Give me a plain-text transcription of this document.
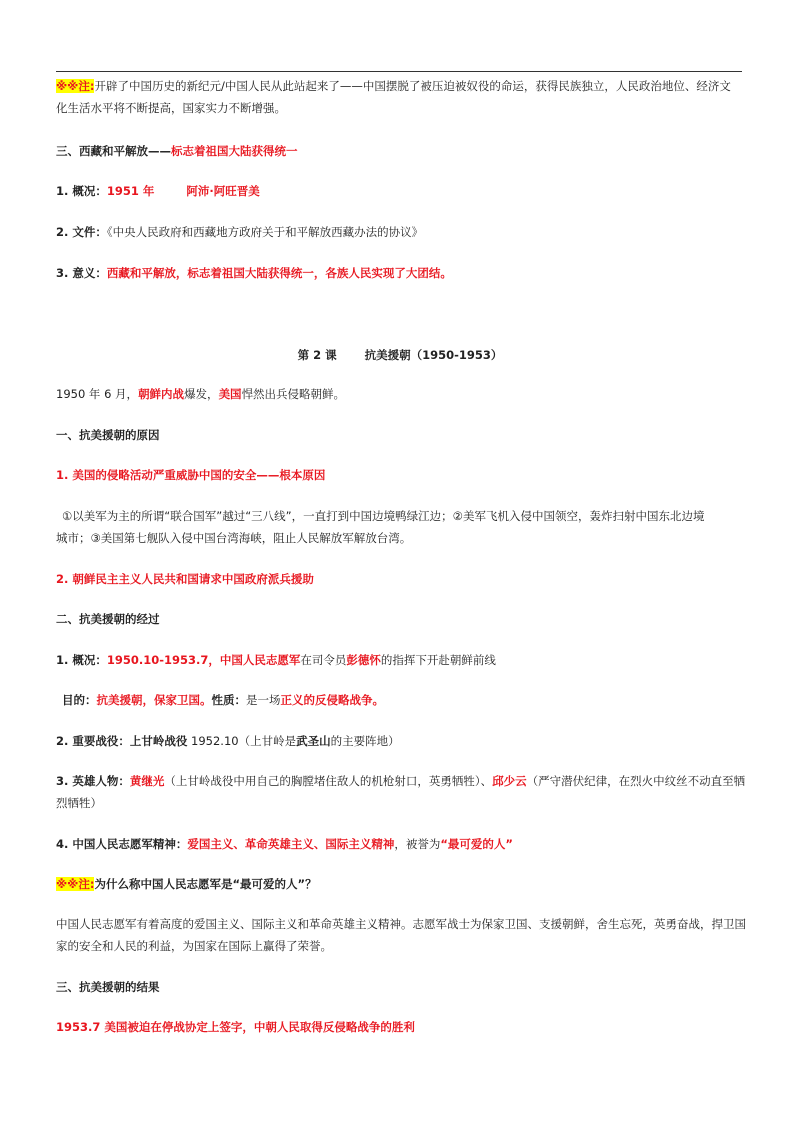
※※注:开辟了中国历史的新纪元/中国人民从此站起来了——中国摆脱了被压迫被奴役的命运，获得民族独立，人民政治地位、经济文
化生活水平将不断提高，国家实力不断增强。
三、西藏和平解放——标志着祖国大陆获得统一
1. 概况：1951 年	阿沛·阿旺晋美
2. 文件：《中央人民政府和西藏地方政府关于和平解放西藏办法的协议》
3. 意义：西藏和平解放，标志着祖国大陆获得统一，各族人民实现了大团结。
第 2 课 抗美援朝（1950-1953）
1950 年 6 月，朝鲜内战爆发，美国悍然出兵侵略朝鲜。
一、抗美援朝的原因
1. 美国的侵略活动严重威胁中国的安全——根本原因
①以美军为主的所谓“联合国军”越过“三八线”，一直打到中国边境鸭绿江边；②美军飞机入侵中国领空，轰炸扫射中国东北边境
城市；③美国第七舰队入侵中国台湾海峡，阻止人民解放军解放台湾。
2. 朝鲜民主主义人民共和国请求中国政府派兵援助
二、抗美援朝的经过
1. 概况：1950.10-1953.7，中国人民志愿军在司令员彭德怀的指挥下开赴朝鲜前线
目的：抗美援朝，保家卫国。性质：是一场正义的反侵略战争。
2. 重要战役：上甘岭战役 1952.10（上甘岭是武圣山的主要阵地）
3. 英雄人物：黄继光（上甘岭战役中用自己的胸膛堵住敌人的机枪射口，英勇牺牲）、邱少云（严守潜伏纪律，在烈火中纹丝不动直至牺
烈牺牲）
4. 中国人民志愿军精神：爱国主义、革命英雄主义、国际主义精神，被誉为“最可爱的人”
※※注:为什么称中国人民志愿军是“最可爱的人”？
中国人民志愿军有着高度的爱国主义、国际主义和革命英雄主义精神。志愿军战士为保家卫国、支援朝鲜，舍生忘死，英勇奋战，捍卫国
家的安全和人民的利益，为国家在国际上赢得了荣誉。
三、抗美援朝的结果
1953.7 美国被迫在停战协定上签字，中朝人民取得反侵略战争的胜利
